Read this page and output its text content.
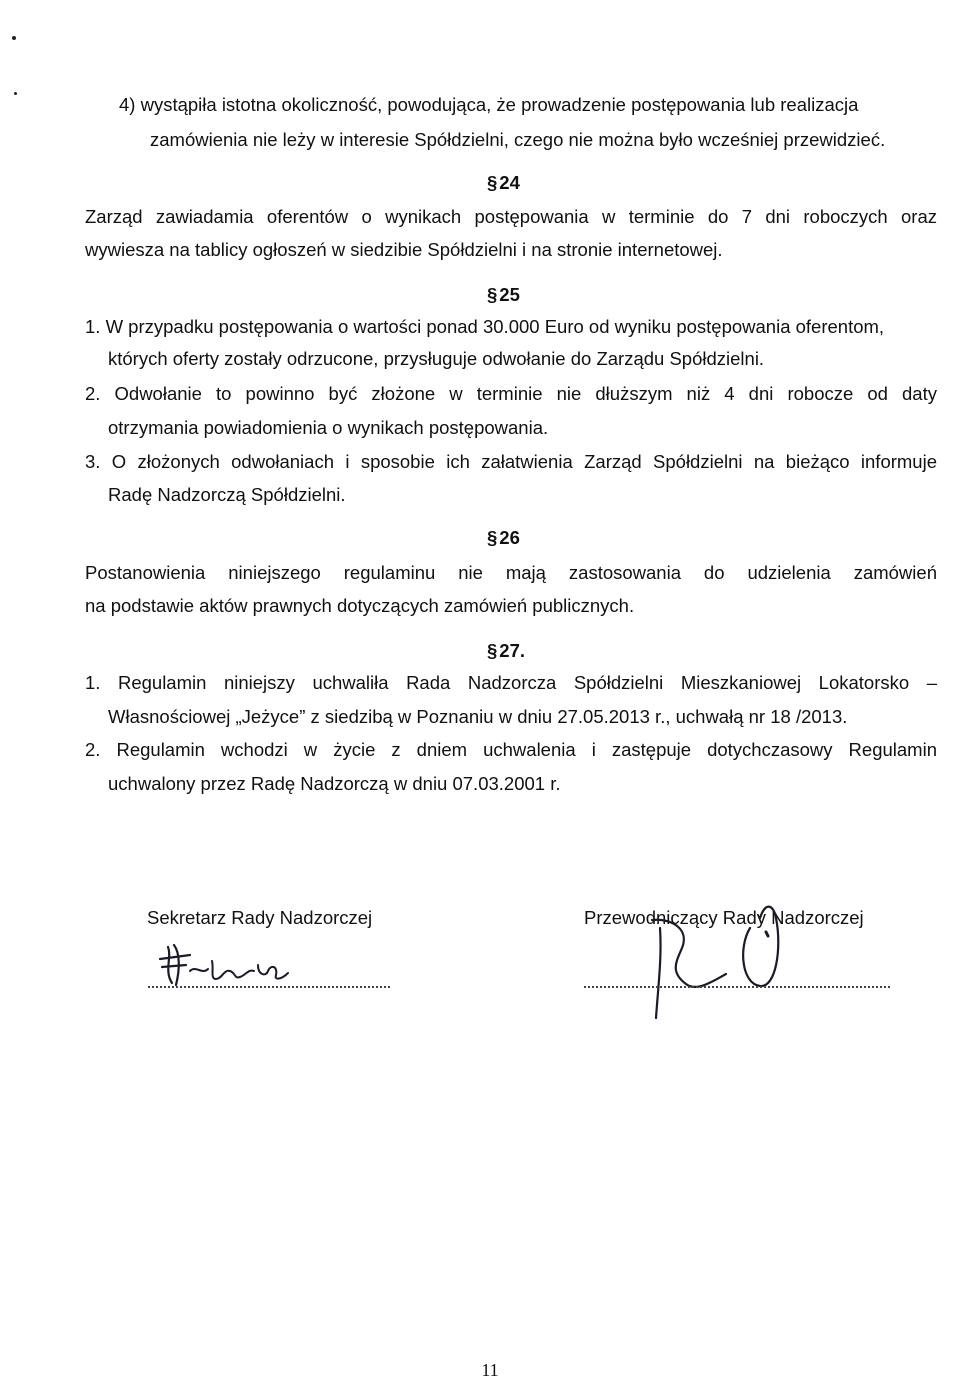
4) wystąpiła istotna okoliczność, powodująca, że prowadzenie postępowania lub realizacja
zamówienia nie leży w interesie Spółdzielni, czego nie można było wcześniej przewidzieć.
§ 24
Zarząd zawiadamia oferentów o wynikach postępowania w terminie do 7 dni roboczych oraz
wywiesza na tablicy ogłoszeń w siedzibie Spółdzielni i na stronie internetowej.
§ 25
1. W przypadku postępowania o wartości ponad 30.000 Euro od wyniku postępowania oferentom,
których oferty zostały odrzucone, przysługuje odwołanie do Zarządu Spółdzielni.
2. Odwołanie to powinno być złożone w terminie nie dłuższym niż 4 dni robocze od daty
otrzymania powiadomienia o wynikach postępowania.
3. O złożonych odwołaniach i sposobie ich załatwienia Zarząd Spółdzielni na bieżąco informuje
Radę Nadzorczą Spółdzielni.
§ 26
Postanowienia niniejszego regulaminu nie mają zastosowania do udzielenia zamówień
na podstawie aktów prawnych dotyczących zamówień publicznych.
§ 27.
1. Regulamin niniejszy uchwaliła Rada Nadzorcza Spółdzielni Mieszkaniowej Lokatorsko –
Własnościowej „Jeżyce” z siedzibą w Poznaniu w dniu 27.05.2013 r., uchwałą nr 18 /2013.
2. Regulamin wchodzi w życie z dniem uchwalenia i zastępuje dotychczasowy Regulamin
uchwalony przez Radę Nadzorczą w dniu 07.03.2001 r.
Sekretarz Rady Nadzorczej	Przewodniczący Rady Nadzorczej
11
